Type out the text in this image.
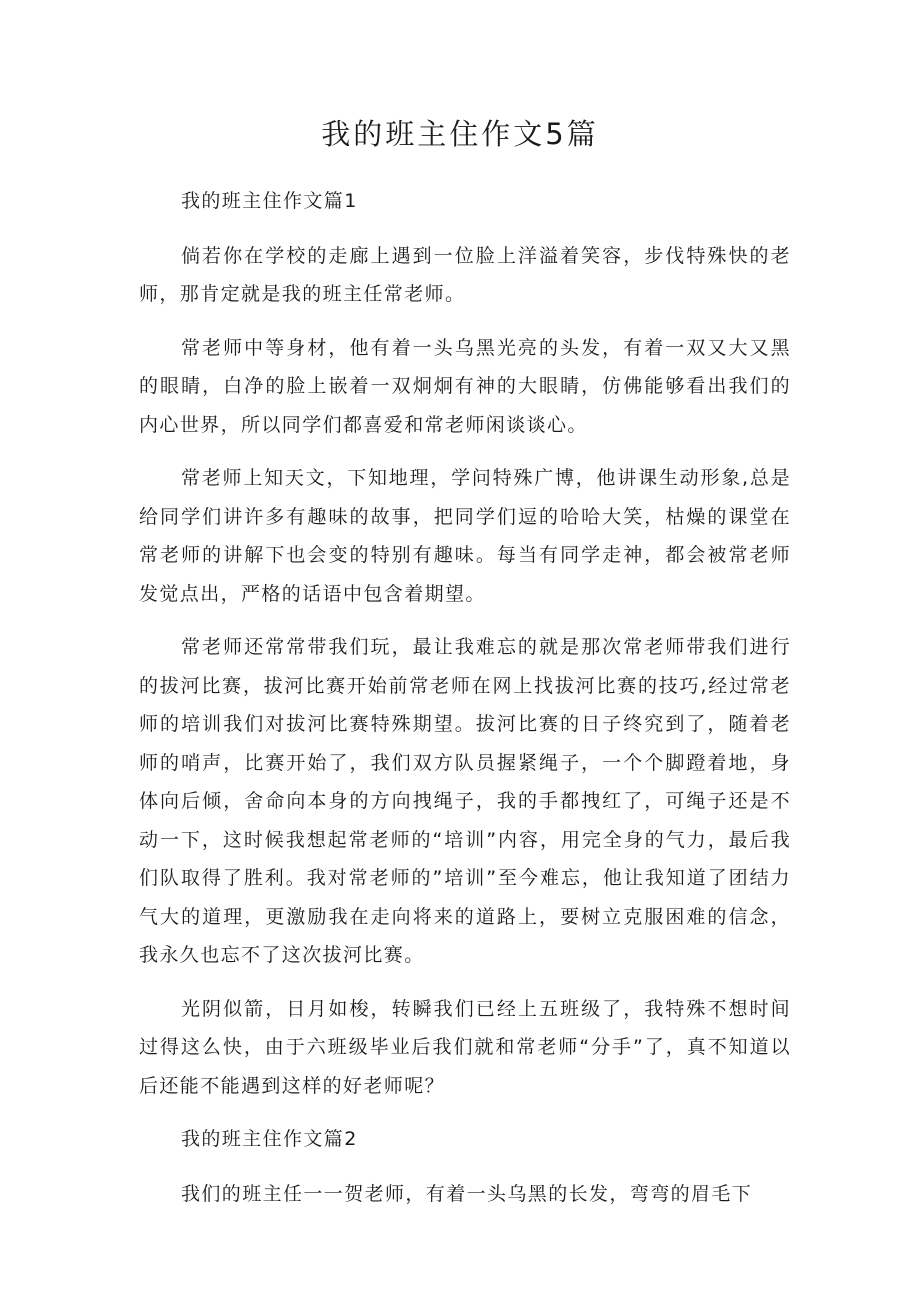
我的班主住作文5篇

我的班主住作文篇1

倘若你在学校的走廊上遇到一位脸上洋溢着笑容，步伐特殊快的老师，那肯定就是我的班主任常老师。

常老师中等身材，他有着一头乌黑光亮的头发，有着一双又大又黑的眼睛，白净的脸上嵌着一双炯炯有神的大眼睛，仿佛能够看出我们的内心世界，所以同学们都喜爱和常老师闲谈谈心。

常老师上知天文，下知地理，学问特殊广博，他讲课生动形象,总是给同学们讲许多有趣味的故事，把同学们逗的哈哈大笑，枯燥的课堂在常老师的讲解下也会变的特别有趣味。每当有同学走神，都会被常老师发觉点出，严格的话语中包含着期望。

常老师还常常带我们玩，最让我难忘的就是那次常老师带我们进行的拔河比赛，拔河比赛开始前常老师在网上找拔河比赛的技巧,经过常老师的培训我们对拔河比赛特殊期望。拔河比赛的日子终究到了，随着老师的哨声，比赛开始了，我们双方队员握紧绳子，一个个脚蹬着地，身体向后倾，舍命向本身的方向拽绳子，我的手都拽红了，可绳子还是不动一下，这时候我想起常老师的“培训”内容，用完全身的气力，最后我们队取得了胜利。我对常老师的”培训”至今难忘，他让我知道了团结力气大的道理，更激励我在走向将来的道路上，要树立克服困难的信念，我永久也忘不了这次拔河比赛。

光阴似箭，日月如梭，转瞬我们已经上五班级了，我特殊不想时间过得这么快，由于六班级毕业后我们就和常老师“分手”了，真不知道以后还能不能遇到这样的好老师呢？

我的班主住作文篇2

我们的班主任一一贺老师，有着一头乌黑的长发，弯弯的眉毛下
